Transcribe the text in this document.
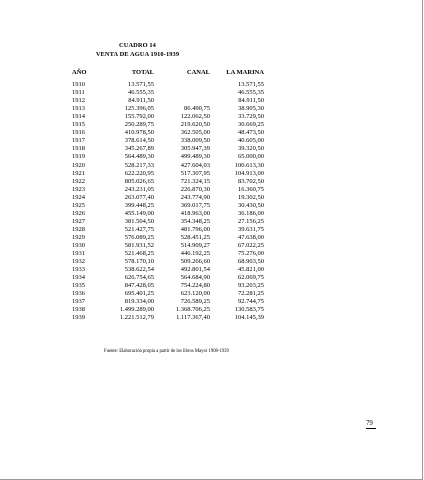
CUADRO 14
VENTA DE AGUA 1910-1939
AÑO	TOTAL	CANAL	LA MARINA
1910	13.571,55		13.571,55
1911	46.555,35		46.555,35
1912	84.911,50		84.911,50
1913	125.396,05	86.490,75	38.905,30
1914	155.792,00	122.062,50	33.729,50
1915	250.289,75	219.620,50	30.669,25
1916	410.978,50	362.505,00	48.473,50
1917	378.614,50	338.009,50	40.605,00
1918	345.267,89	305.947,39	39.320,50
1919	564.489,30	499.489,30	65.000,00
1920	528.217,33	427.604,03	100.613,30
1921	622.220,95	517.307,95	104.913,00
1922	805.026,65	721.324,15	83.702,50
1923	243.231,05	226.870,30	16.360,75
1924	263.077,40	243.774,90	19.302,50
1925	399.448,25	369.017,75	30.430,50
1926	455.149,00	418.963,00	36.186,00
1927	381.504,50	354.348,25	27.156,25
1928	521.427,75	481.796,00	39.631,75
1929	576.089,25	528.451,25	47.638,00
1930	581.931,52	514.909,27	67.022,25
1931	521.468,25	446.192,25	75.276,00
1932	578.170,10	509.266,60	68.903,50
1933	538.622,54	492.801,54	45.821,00
1934	626.754,65	564.684,90	62.069,75
1935	847.428,05	754.224,80	93.203,25
1936	695.401,25	623.120,00	72.281,25
1937	819.334,00	726.589,25	92.744,75
1938	1.499.289,00	1.368.706,25	130.583,75
1939	1.221.512,79	1.117.367,40	104.145,39
Fuente: Elaboración propia a partir de los libros Mayor 1908-1939
79
